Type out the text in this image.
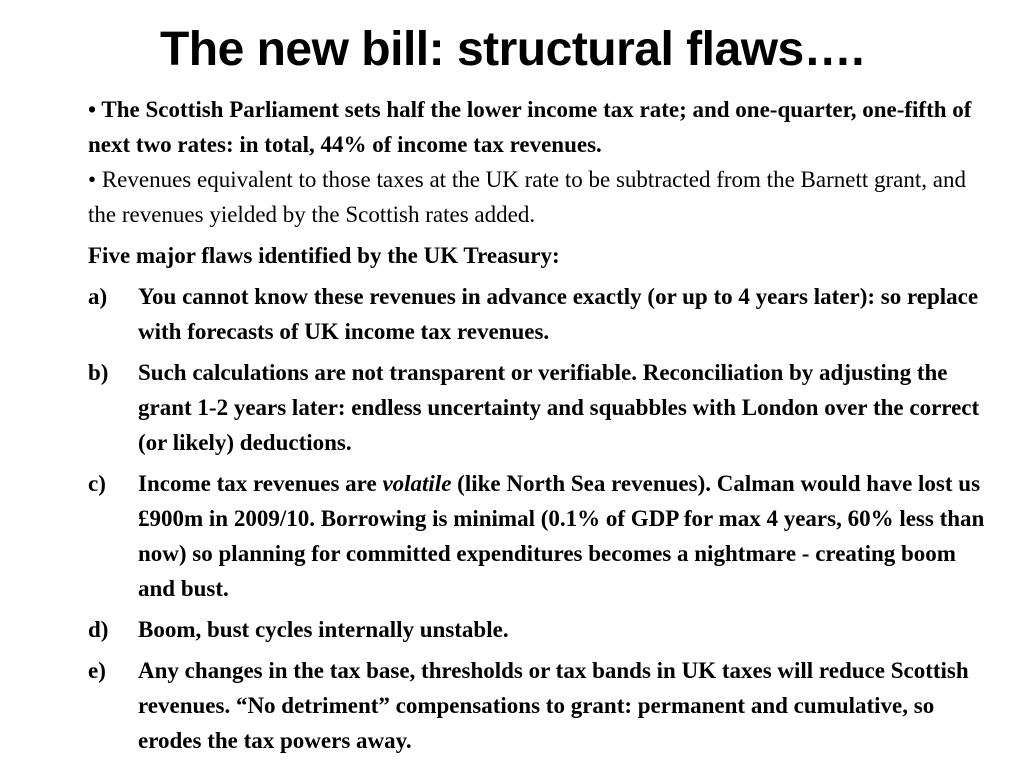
The new bill: structural flaws….

• The Scottish Parliament sets half the lower income tax rate; and one-quarter, one-fifth of next two rates: in total, 44% of income tax revenues.

• Revenues equivalent to those taxes at the UK rate to be subtracted from the Barnett grant, and the revenues yielded by the Scottish rates added.

Five major flaws identified by the UK Treasury:

a)	You cannot know these revenues in advance exactly (or up to 4 years later): so replace with forecasts of UK income tax revenues.
b)	Such calculations are not transparent or verifiable. Reconciliation by adjusting the grant 1-2 years later: endless uncertainty and squabbles with London over the correct (or likely) deductions.
c)	Income tax revenues are volatile (like North Sea revenues). Calman would have lost us £900m in 2009/10. Borrowing is minimal (0.1% of GDP for max 4 years, 60% less than now) so planning for committed expenditures becomes a nightmare - creating boom and bust.
d)	Boom, bust cycles internally unstable.
e)	Any changes in the tax base, thresholds or tax bands in UK taxes will reduce Scottish revenues. “No detriment” compensations to grant: permanent and cumulative, so erodes the tax powers away.
